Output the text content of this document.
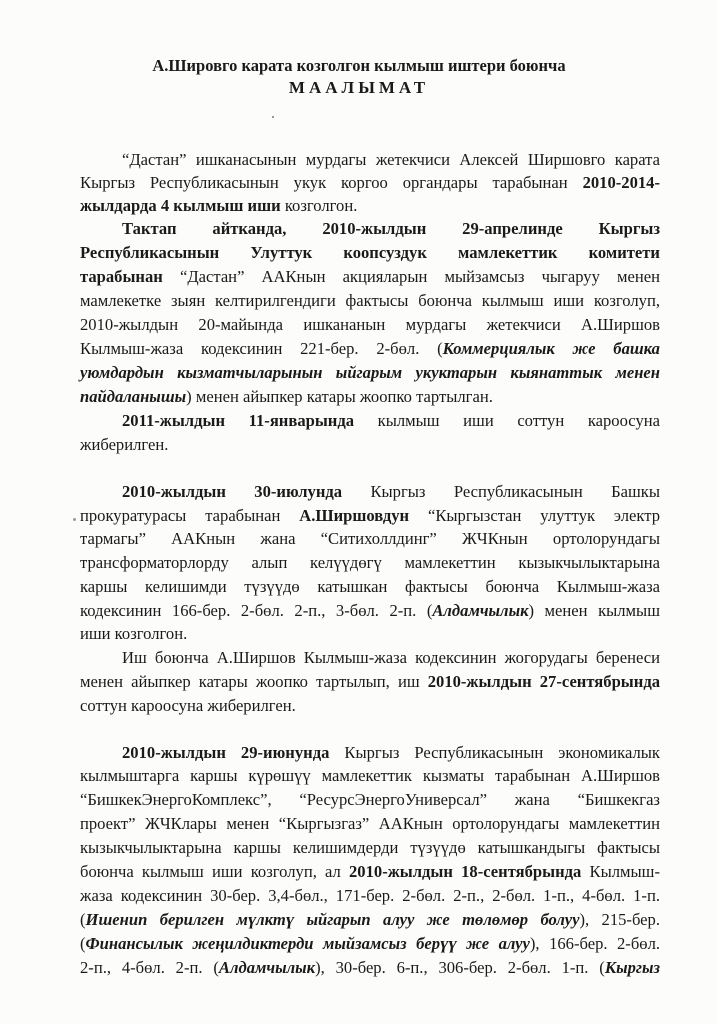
А.Шировго карата козголгон кылмыш иштери боюнча
МААЛЫМАТ
“Дастан” ишканасынын мурдагы жетекчиси Алексей Ширшовго карата
Кыргыз Республикасынын укук коргоо органдары тарабынан 2010-2014-
жылдарда 4 кылмыш иши козголгон.
Тактап айтканда, 2010-жылдын 29-апрелинде Кыргыз
Республикасынын Улуттук коопсуздук мамлекеттик комитети
тарабынан “Дастан” ААКнын акцияларын мыйзамсыз чыгаруу менен
мамлекетке зыян келтирилгендиги фактысы боюнча кылмыш иши козголуп,
2010-жылдын 20-майында ишкананын мурдагы жетекчиси А.Ширшов
Кылмыш-жаза кодексинин 221-бер. 2-бөл. (Коммерциялык же башка
уюмдардын кызматчыларынын ыйгарым укуктарын кыянаттык менен
пайдаланышы) менен айыпкер катары жоопко тартылган.
2011-жылдын 11-январында кылмыш иши соттун кароосуна
жиберилген.
2010-жылдын 30-июлунда Кыргыз Республикасынын Башкы
прокуратурасы тарабынан А.Ширшовдун “Кыргызстан улуттук электр
тармагы” ААКнын жана “Ситихоллдинг” ЖЧКнын ортолорундагы
трансформаторлорду алып келүүдөгү мамлекеттин кызыкчылыктарына
каршы келишимди түзүүдө катышкан фактысы боюнча Кылмыш-жаза
кодексинин 166-бер. 2-бөл. 2-п., 3-бөл. 2-п. (Алдамчылык) менен кылмыш
иши козголгон.
Иш боюнча А.Ширшов Кылмыш-жаза кодексинин жогорудагы беренеси
менен айыпкер катары жоопко тартылып, иш 2010-жылдын 27-сентябрында
соттун кароосуна жиберилген.
2010-жылдын 29-июнунда Кыргыз Республикасынын экономикалык
кылмыштарга каршы күрөшүү мамлекеттик кызматы тарабынан А.Ширшов
“БишкекЭнергоКомплекс”, “РесурсЭнергоУниверсал” жана “Бишкекгаз
проект” ЖЧКлары менен “Кыргызгаз” ААКнын ортолорундагы мамлекеттин
кызыкчылыктарына каршы келишимдерди түзүүдө катышкандыгы фактысы
боюнча кылмыш иши козголуп, ал 2010-жылдын 18-сентябрында Кылмыш-
жаза кодексинин 30-бер. 3,4-бөл., 171-бер. 2-бөл. 2-п., 2-бөл. 1-п., 4-бөл. 1-п.
(Ишенип берилген мүлктү ыйгарып алуу же төлөмөр болуу), 215-бер.
(Финансылык жеңилдиктерди мыйзамсыз берүү же алуу), 166-бер. 2-бөл.
2-п., 4-бөл. 2-п. (Алдамчылык), 30-бер. 6-п., 306-бер. 2-бөл. 1-п. (Кыргыз
